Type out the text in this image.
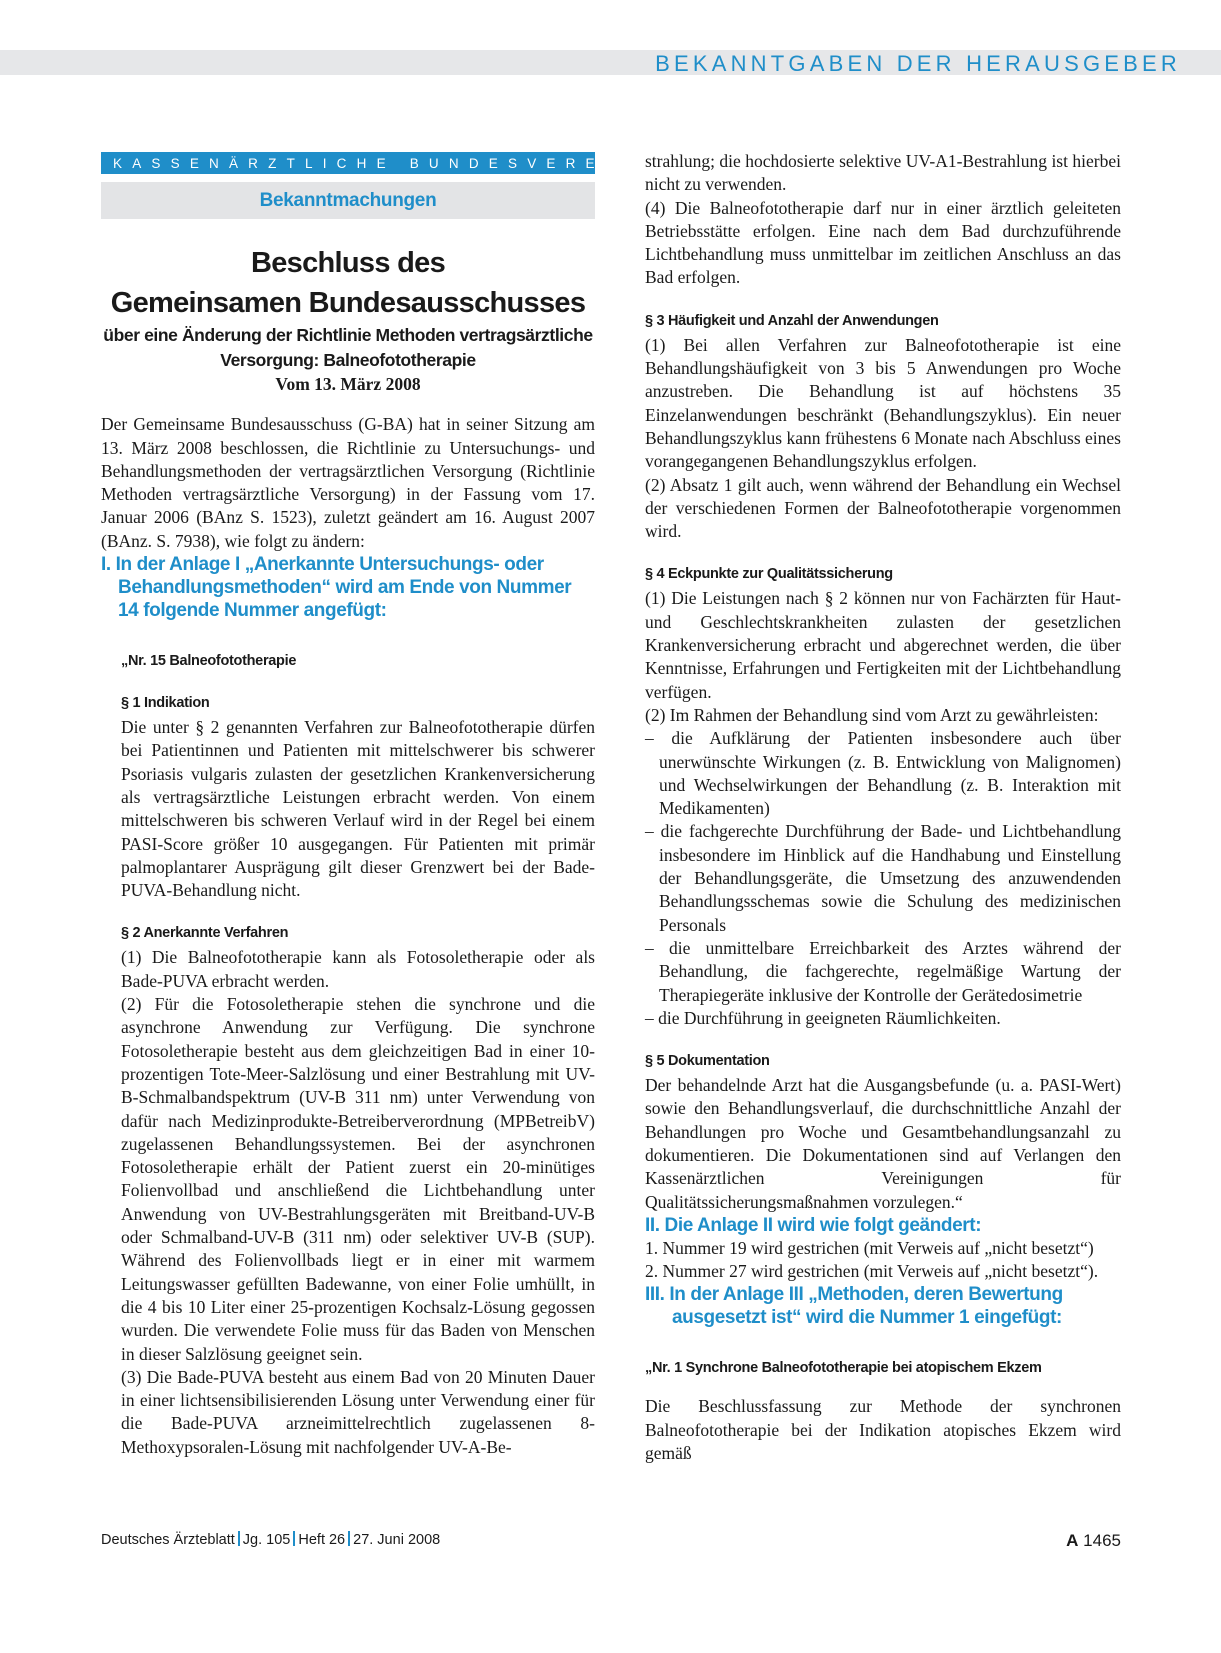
BEKANNTGABEN DER HERAUSGEBER
KASSENÄRZTLICHE BUNDESVEREINIGUNG
Bekanntmachungen
Beschluss des
Gemeinsamen Bundesausschusses

über eine Änderung der Richtlinie Methoden vertragsärztliche Versorgung: Balneofototherapie

Vom 13. März 2008

Der Gemeinsame Bundesausschuss (G-BA) hat in seiner Sitzung am 13. März 2008 beschlossen, die Richtlinie zu Untersuchungs- und Behandlungsmethoden der vertragsärztlichen Versorgung (Richtlinie Methoden vertragsärztliche Versorgung) in der Fassung vom 17. Januar 2006 (BAnz S. 1523), zuletzt geändert am 16. August 2007 (BAnz. S. 7938), wie folgt zu ändern:

I. In der Anlage I „Anerkannte Untersuchungs- oder Behandlungsmethoden“ wird am Ende von Nummer 14 folgende Nummer angefügt:

„Nr. 15 Balneofototherapie
§ 1 Indikation

Die unter § 2 genannten Verfahren zur Balneofototherapie dürfen bei Patientinnen und Patienten mit mittelschwerer bis schwerer Psoriasis vulgaris zulasten der gesetzlichen Krankenversicherung als vertragsärztliche Leistungen erbracht werden. Von einem mittelschweren bis schweren Verlauf wird in der Regel bei einem PASI-Score größer 10 ausgegangen. Für Patienten mit primär palmoplantarer Ausprägung gilt dieser Grenzwert bei der Bade-PUVA-Behandlung nicht.

§ 2 Anerkannte Verfahren

(1) Die Balneofototherapie kann als Fotosoletherapie oder als Bade-PUVA erbracht werden.

(2) Für die Fotosoletherapie stehen die synchrone und die asynchrone Anwendung zur Verfügung. Die synchrone Fotosoletherapie besteht aus dem gleichzeitigen Bad in einer 10-prozentigen Tote-Meer-Salzlösung und einer Bestrahlung mit UV-B-Schmalbandspektrum (UV-B 311 nm) unter Verwendung von dafür nach Medizinprodukte-Betreiberverordnung (MPBetreibV) zugelassenen Behandlungssystemen. Bei der asynchronen Fotosoletherapie erhält der Patient zuerst ein 20-minütiges Folienvollbad und anschließend die Lichtbehandlung unter Anwendung von UV-Bestrahlungsgeräten mit Breitband-UV-B oder Schmalband-UV-B (311 nm) oder selektiver UV-B (SUP). Während des Folienvollbads liegt er in einer mit warmem Leitungswasser gefüllten Badewanne, von einer Folie umhüllt, in die 4 bis 10 Liter einer 25-prozentigen Kochsalz-Lösung gegossen wurden. Die verwendete Folie muss für das Baden von Menschen in dieser Salzlösung geeignet sein.

(3) Die Bade-PUVA besteht aus einem Bad von 20 Minuten Dauer in einer lichtsensibilisierenden Lösung unter Verwendung einer für die Bade-PUVA arzneimittelrechtlich zugelassenen 8-Methoxypsoralen-Lösung mit nachfolgender UV-A-Be-

strahlung; die hochdosierte selektive UV-A1-Bestrahlung ist hierbei nicht zu verwenden.

(4) Die Balneofototherapie darf nur in einer ärztlich geleiteten Betriebsstätte erfolgen. Eine nach dem Bad durchzuführende Lichtbehandlung muss unmittelbar im zeitlichen Anschluss an das Bad erfolgen.

§ 3 Häufigkeit und Anzahl der Anwendungen

(1) Bei allen Verfahren zur Balneofototherapie ist eine Behandlungshäufigkeit von 3 bis 5 Anwendungen pro Woche anzustreben. Die Behandlung ist auf höchstens 35 Einzelanwendungen beschränkt (Behandlungszyklus). Ein neuer Behandlungszyklus kann frühestens 6 Monate nach Abschluss eines vorangegangenen Behandlungszyklus erfolgen.

(2) Absatz 1 gilt auch, wenn während der Behandlung ein Wechsel der verschiedenen Formen der Balneofototherapie vorgenommen wird.

§ 4 Eckpunkte zur Qualitätssicherung

(1) Die Leistungen nach § 2 können nur von Fachärzten für Haut- und Geschlechtskrankheiten zulasten der gesetzlichen Krankenversicherung erbracht und abgerechnet werden, die über Kenntnisse, Erfahrungen und Fertigkeiten mit der Lichtbehandlung verfügen.

(2) Im Rahmen der Behandlung sind vom Arzt zu gewährleisten:

– die Aufklärung der Patienten insbesondere auch über unerwünschte Wirkungen (z. B. Entwicklung von Malignomen) und Wechselwirkungen der Behandlung (z. B. Interaktion mit Medikamenten)

– die fachgerechte Durchführung der Bade- und Lichtbehandlung insbesondere im Hinblick auf die Handhabung und Einstellung der Behandlungsgeräte, die Umsetzung des anzuwendenden Behandlungsschemas sowie die Schulung des medizinischen Personals

– die unmittelbare Erreichbarkeit des Arztes während der Behandlung, die fachgerechte, regelmäßige Wartung der Therapiegeräte inklusive der Kontrolle der Gerätedosimetrie

– die Durchführung in geeigneten Räumlichkeiten.

§ 5 Dokumentation

Der behandelnde Arzt hat die Ausgangsbefunde (u. a. PASI-Wert) sowie den Behandlungsverlauf, die durchschnittliche Anzahl der Behandlungen pro Woche und Gesamtbehandlungsanzahl zu dokumentieren. Die Dokumentationen sind auf Verlangen den Kassenärztlichen Vereinigungen für Qualitätssicherungsmaßnahmen vorzulegen.“

II. Die Anlage II wird wie folgt geändert:

1. Nummer 19 wird gestrichen (mit Verweis auf „nicht besetzt“)

2. Nummer 27 wird gestrichen (mit Verweis auf „nicht besetzt“).

III. In der Anlage III „Methoden, deren Bewertung ausgesetzt ist“ wird die Nummer 1 eingefügt:

„Nr. 1 Synchrone Balneofototherapie bei atopischem Ekzem

Die Beschlussfassung zur Methode der synchronen Balneofototherapie bei der Indikation atopisches Ekzem wird gemäß

Deutsches Ärzteblatt Jg. 105 Heft 26 27. Juni 2008	A 1465
